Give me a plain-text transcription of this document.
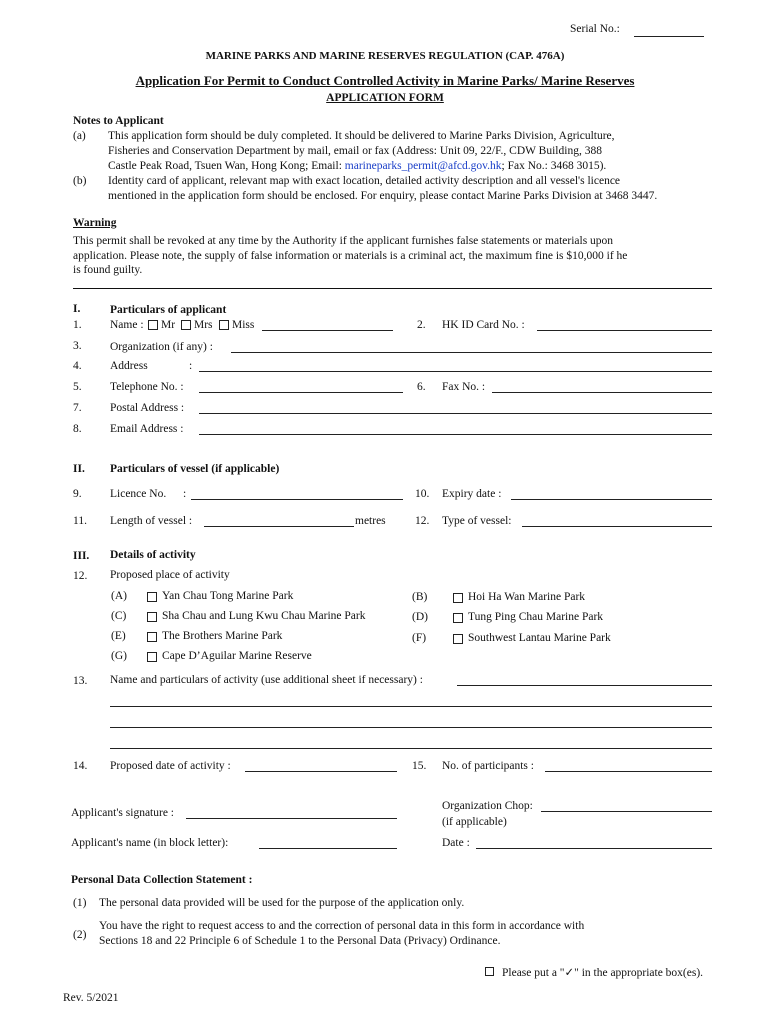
Serial No.:
MARINE PARKS AND MARINE RESERVES REGULATION (CAP. 476A)
Application For Permit to Conduct Controlled Activity in Marine Parks/ Marine Reserves
APPLICATION FORM
Notes to Applicant
(a) This application form should be duly completed. It should be delivered to Marine Parks Division, Agriculture,
Fisheries and Conservation Department by mail, email or fax (Address: Unit 09, 22/F., CDW Building, 388
Castle Peak Road, Tsuen Wan, Hong Kong; Email: marineparks_permit@afcd.gov.hk; Fax No.: 3468 3015).
(b) Identity card of applicant, relevant map with exact location, detailed activity description and all vessel's licence
mentioned in the application form should be enclosed. For enquiry, please contact Marine Parks Division at 3468 3447.
Warning
This permit shall be revoked at any time by the Authority if the applicant furnishes false statements or materials upon
application. Please note, the supply of false information or materials is a criminal act, the maximum fine is $10,000 if he
is found guilty.
I.	Particulars of applicant
1. Name : Mr Mrs Miss	2. HK ID Card No. :
3. Organization (if any) :
4. Address	:
5. Telephone No. :	6. Fax No. :
7. Postal Address :
8. Email Address :
II. Particulars of vessel (if applicable)
9. Licence No. :	10. Expiry date :
11. Length of vessel :	metres	12. Type of vessel:
III. Details of activity
12. Proposed place of activity
(A)	Yan Chau Tong Marine Park	(B)	Hoi Ha Wan Marine Park
(C)	Sha Chau and Lung Kwu Chau Marine Park	(D)	Tung Ping Chau Marine Park
(E)	The Brothers Marine Park	(F)	Southwest Lantau Marine Park
(G)	Cape D’Aguilar Marine Reserve
13. Name and particulars of activity (use additional sheet if necessary) :
14. Proposed date of activity :	15. No. of participants :
Organization Chop:
Applicant's signature :
(if applicable)
Applicant's name (in block letter):	Date :
Personal Data Collection Statement :
(1) The personal data provided will be used for the purpose of the application only.
(2)
You have the right to request access to and the correction of personal data in this form in accordance with
Sections 18 and 22 Principle 6 of Schedule 1 to the Personal Data (Privacy) Ordinance.
Please put a "✓" in the appropriate box(es).
Rev. 5/2021
